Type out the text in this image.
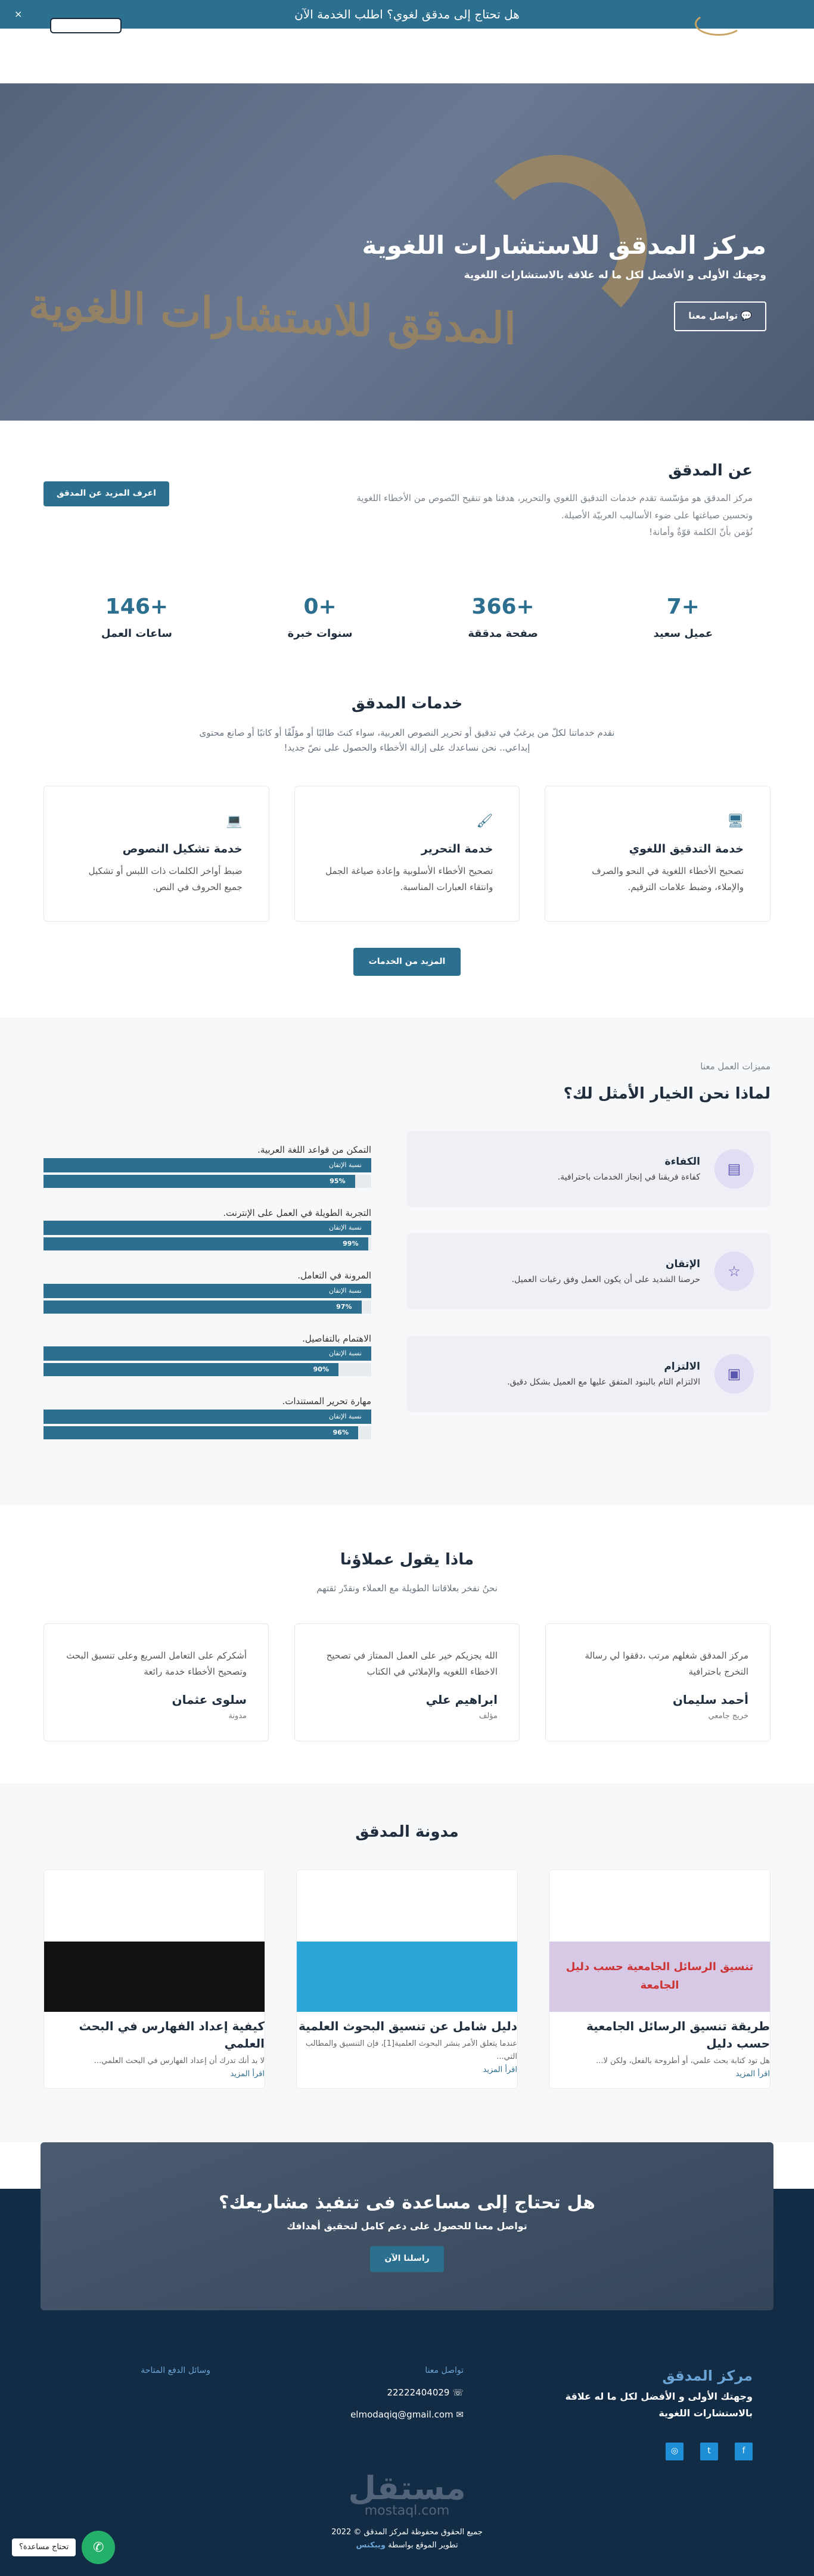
×	هل تحتاج إلى مدقق لغوي؟ اطلب الخدمة الآن
المدقق للاستشارات اللغوية
مركز المدقق للاستشارات اللغوية
وجهتك الأولى و الأفضل لكل ما له علاقة بالاستشارات اللغوية
💬 تواصل معنا
عن المدقق

مركز المدقق هو مؤسّسة تقدم خدمات التدقيق اللغوي والتحرير، هدفنا هو تنقيح النّصوص من الأخطاء اللغوية وتحسين صياغتها على ضوء الأساليب العربيّة الأصيلة.
نُؤمن بأنّ الكلمة قوّةٌ وأمانة!

اعرف المزيد عن المدقق
+7
عميل سعيد
+366
صفحة مدققة
+0
سنوات خبرة
+146
ساعات العمل
خدمات المدقق

نقدم خدماتنا لكلّ من يرغبُ في تدقيق أو تحرير النصوص العربية، سواء كنتَ طالبًا أو مؤلّفًا أو كاتبًا أو صانع محتوى إبداعي.. نحن نساعدك على إزالة الأخطاء والحصول على نصّ جديد!

🖥
خدمة التدقيق اللغوي

تصحيح الأخطاء اللغوية في النحو والصرف والإملاء، وضبط علامات الترقيم.

🖌
خدمة التحرير

تصحيح الأخطاء الأسلوبية وإعادة صياغة الجمل وانتقاء العبارات المناسبة.

💻
خدمة تشكيل النصوص

ضبط أواخر الكلمات ذات اللبس أو تشكيل جميع الحروف في النص.

المزيد من الخدمات
مميزات العمل معنا
لماذا نحن الخيار الأمثل لك؟
▤
الكفاءة

كفاءة فريقنا في إنجاز الخدمات باحترافية.

☆
الإتقان

حرصنا الشديد على أن يكون العمل وفق رغبات العميل.

▣
الالتزام

الالتزام التام بالبنود المتفق عليها مع العميل بشكل دقيق.

التمكن من قواعد اللغة العربية.
نسبة الإتقان
95%
التجربة الطويلة في العمل على الإنترنت.
نسبة الإتقان
99%
المرونة في التعامل.
نسبة الإتقان
97%
الاهتمام بالتفاصيل.
نسبة الإتقان
90%
مهارة تحرير المستندات.
نسبة الإتقان
96%
ماذا يقول عملاؤنا

نحنُ نفخر بعلاقاتنا الطويلة مع العملاء ونقدّر ثقتهم

مركز المدقق شغلهم مرتب ،دققوا لي رسالة التخرج باحترافية

أحمد سليمان
خريج جامعي

الله يجزيكم خير على العمل الممتاز في تصحيح الاخطاء اللغويه والإملائي في الكتاب

ابراهيم علي
مؤلف

أشكركم على التعامل السريع وعلى تنسيق البحث وتصحيح الأخطاء خدمة رائعة

سلوى عثمان
مدونة
مدونة المدقق
تنسيق الرسائل الجامعية حسب دليل الجامعة
طريقة تنسيق الرسائل الجامعية حسب دليل

هل تود كتابة بحث علمي، أو أطروحة بالفعل، ولكن لا...

اقرأ المزيد
دليل شامل عن تنسيق البحوث العلمية

عندما يتعلق الأمر بنشر البحوث العلمية[1]، فإن التنسيق والمطالب التي...

اقرأ المزيد
كيفية إعداد الفهارس في البحث العلمي

لا بد أنك تدرك أن إعداد الفهارس في البحث العلمي...

اقرأ المزيد
هل تحتاج إلى مساعدة فى تنفيذ مشاريعك؟

تواصل معنا للحصول على دعم كامل لتحقيق أهدافك

راسلنا الآن
مركز المدقق

وجهتك الأولى و الأفضل لكل ما له علاقة بالاستشارات اللغوية

f
t
◎
تواصل معنا
☏ 22222404029
✉ elmodaqiq@gmail.com
وسائل الدفع المتاحة
مستقل
mostaql.com
جميع الحقوق محفوظة لمركز المدقق © 2022
تطوير الموقع بواسطة ويبكنس
✆
تحتاج مساعدة؟
